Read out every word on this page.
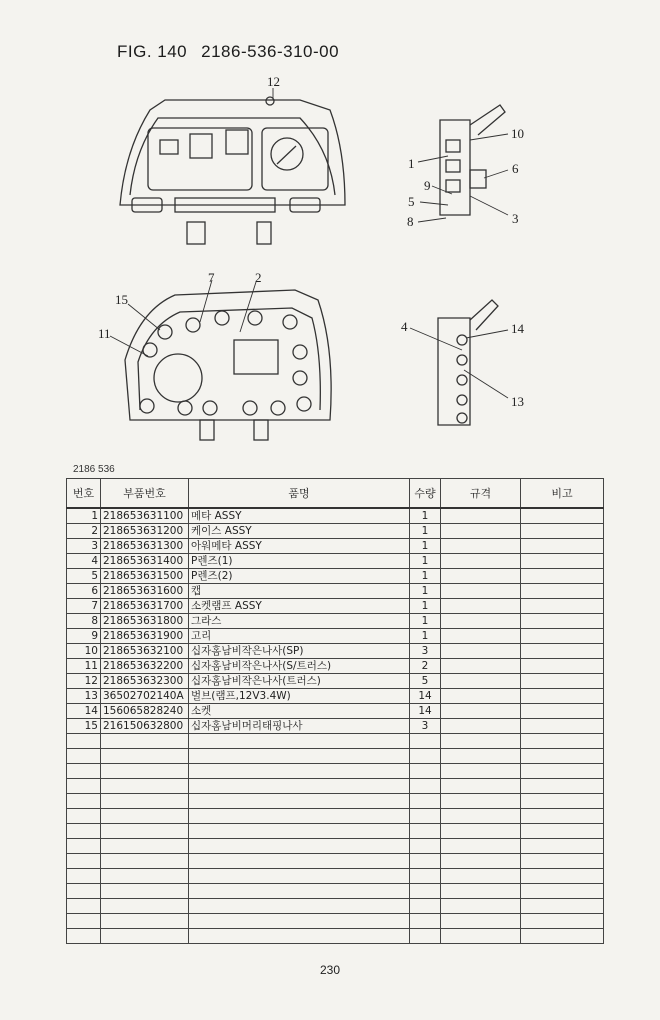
FIG. 140 2186-536-310-00
12
1
9
5
8
10
6
3
7	2
15
11	4	14
13
2186 536
번호	부품번호	품명	수량	규격	비고
1	218653631100	메타 ASSY	1		
2	218653631200	케이스 ASSY	1		
3	218653631300	아워메타 ASSY	1		
4	218653631400	P렌즈(1)	1		
5	218653631500	P렌즈(2)	1		
6	218653631600	캡	1		
7	218653631700	소켓램프 ASSY	1		
8	218653631800	그라스	1		
9	218653631900	고리	1		
10	218653632100	십자홈남비작은나사(SP)	3		
11	218653632200	십자홈남비작은나사(S/트러스)	2		
12	218653632300	십자홈남비작은나사(트러스)	5		
13	36502702140A	벌브(램프,12V3.4W)	14		
14	156065828240	소켓	14		
15	216150632800	십자홈남비머리태핑나사	3		

230
